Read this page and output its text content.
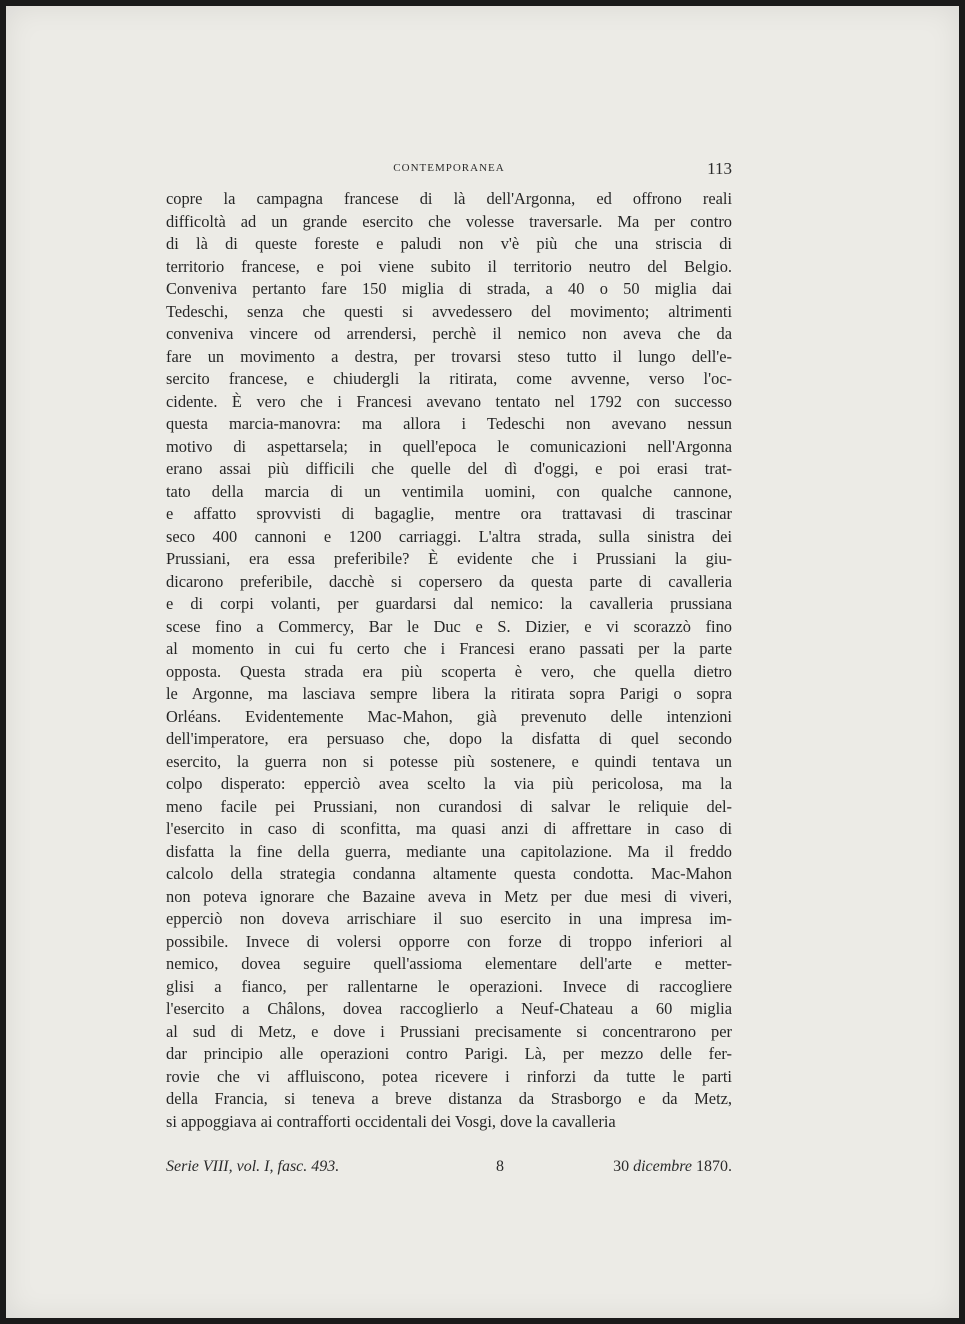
CONTEMPORANEA	113
copre la campagna francese di là dell'Argonna, ed offrono reali
difficoltà ad un grande esercito che volesse traversarle. Ma per contro
di là di queste foreste e paludi non v'è più che una striscia di
territorio francese, e poi viene subito il territorio neutro del Belgio.
Conveniva pertanto fare 150 miglia di strada, a 40 o 50 miglia dai
Tedeschi, senza che questi si avvedessero del movimento; altrimenti
conveniva vincere od arrendersi, perchè il nemico non aveva che da
fare un movimento a destra, per trovarsi steso tutto il lungo dell'e-
sercito francese, e chiudergli la ritirata, come avvenne, verso l'oc-
cidente. È vero che i Francesi avevano tentato nel 1792 con successo
questa marcia-manovra: ma allora i Tedeschi non avevano nessun
motivo di aspettarsela; in quell'epoca le comunicazioni nell'Argonna
erano assai più difficili che quelle del dì d'oggi, e poi erasi trat-
tato della marcia di un ventimila uomini, con qualche cannone,
e affatto sprovvisti di bagaglie, mentre ora trattavasi di trascinar
seco 400 cannoni e 1200 carriaggi. L'altra strada, sulla sinistra dei
Prussiani, era essa preferibile? È evidente che i Prussiani la giu-
dicarono preferibile, dacchè si copersero da questa parte di cavalleria
e di corpi volanti, per guardarsi dal nemico: la cavalleria prussiana
scese fino a Commercy, Bar le Duc e S. Dizier, e vi scorazzò fino
al momento in cui fu certo che i Francesi erano passati per la parte
opposta. Questa strada era più scoperta è vero, che quella dietro
le Argonne, ma lasciava sempre libera la ritirata sopra Parigi o sopra
Orléans. Evidentemente Mac-Mahon, già prevenuto delle intenzioni
dell'imperatore, era persuaso che, dopo la disfatta di quel secondo
esercito, la guerra non si potesse più sostenere, e quindi tentava un
colpo disperato: epperciò avea scelto la via più pericolosa, ma la
meno facile pei Prussiani, non curandosi di salvar le reliquie del-
l'esercito in caso di sconfitta, ma quasi anzi di affrettare in caso di
disfatta la fine della guerra, mediante una capitolazione. Ma il freddo
calcolo della strategia condanna altamente questa condotta. Mac-Mahon
non poteva ignorare che Bazaine aveva in Metz per due mesi di viveri,
epperciò non doveva arrischiare il suo esercito in una impresa im-
possibile. Invece di volersi opporre con forze di troppo inferiori al
nemico, dovea seguire quell'assioma elementare dell'arte e metter-
glisi a fianco, per rallentarne le operazioni. Invece di raccogliere
l'esercito a Châlons, dovea raccoglierlo a Neuf-Chateau a 60 miglia
al sud di Metz, e dove i Prussiani precisamente si concentrarono per
dar principio alle operazioni contro Parigi. Là, per mezzo delle fer-
rovie che vi affluiscono, potea ricevere i rinforzi da tutte le parti
della Francia, si teneva a breve distanza da Strasborgo e da Metz,
si appoggiava ai contrafforti occidentali dei Vosgi, dove la cavalleria
Serie VIII, vol. I, fasc. 493.	8	30 dicembre 1870.
